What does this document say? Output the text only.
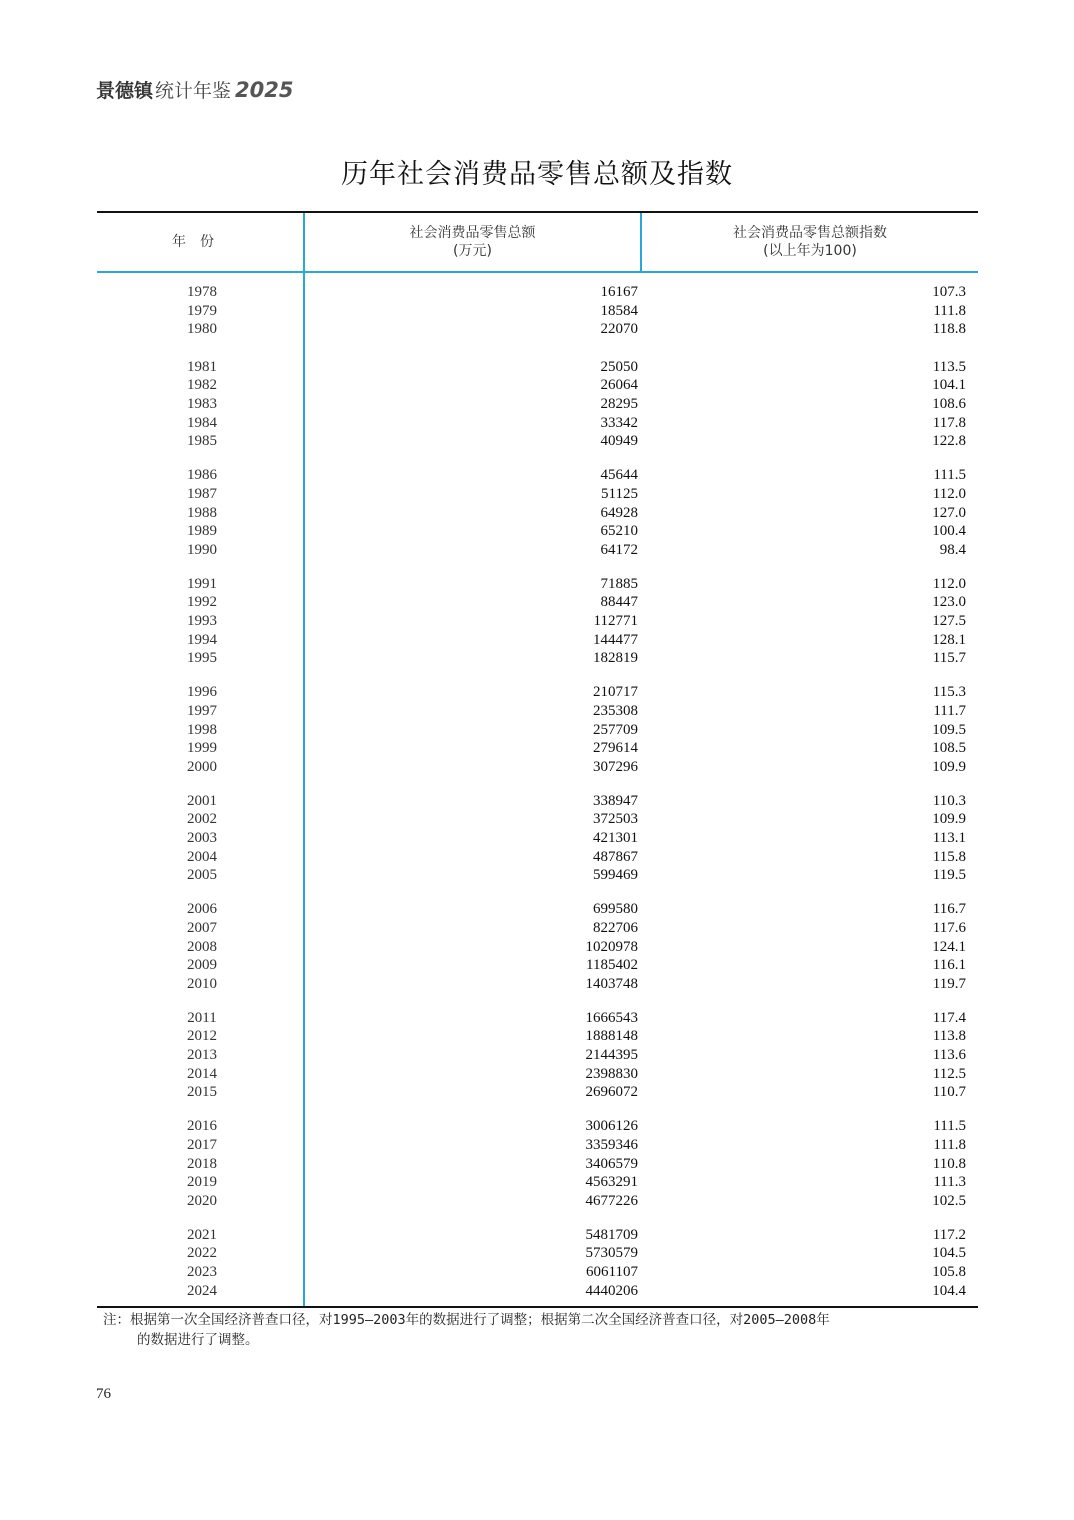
景德镇 统计年鉴 2025
历年社会消费品零售总额及指数
年份
社会消费品零售总额
(万元)
社会消费品零售总额指数
(以上年为100)
1978	16167	107.3
1979	18584	111.8
1980	22070	118.8
1981	25050	113.5
1982	26064	104.1
1983	28295	108.6
1984	33342	117.8
1985	40949	122.8
1986	45644	111.5
1987	51125	112.0
1988	64928	127.0
1989	65210	100.4
1990	64172	98.4
1991	71885	112.0
1992	88447	123.0
1993	112771	127.5
1994	144477	128.1
1995	182819	115.7
1996	210717	115.3
1997	235308	111.7
1998	257709	109.5
1999	279614	108.5
2000	307296	109.9
2001	338947	110.3
2002	372503	109.9
2003	421301	113.1
2004	487867	115.8
2005	599469	119.5
2006	699580	116.7
2007	822706	117.6
2008	1020978	124.1
2009	1185402	116.1
2010	1403748	119.7
2011	1666543	117.4
2012	1888148	113.8
2013	2144395	113.6
2014	2398830	112.5
2015	2696072	110.7
2016	3006126	111.5
2017	3359346	111.8
2018	3406579	110.8
2019	4563291	111.3
2020	4677226	102.5
2021	5481709	117.2
2022	5730579	104.5
2023	6061107	105.8
2024	4440206	104.4
注：根据第一次全国经济普查口径，对1995—2003年的数据进行了调整；根据第二次全国经济普查口径，对2005—2008年
的数据进行了调整。
76
